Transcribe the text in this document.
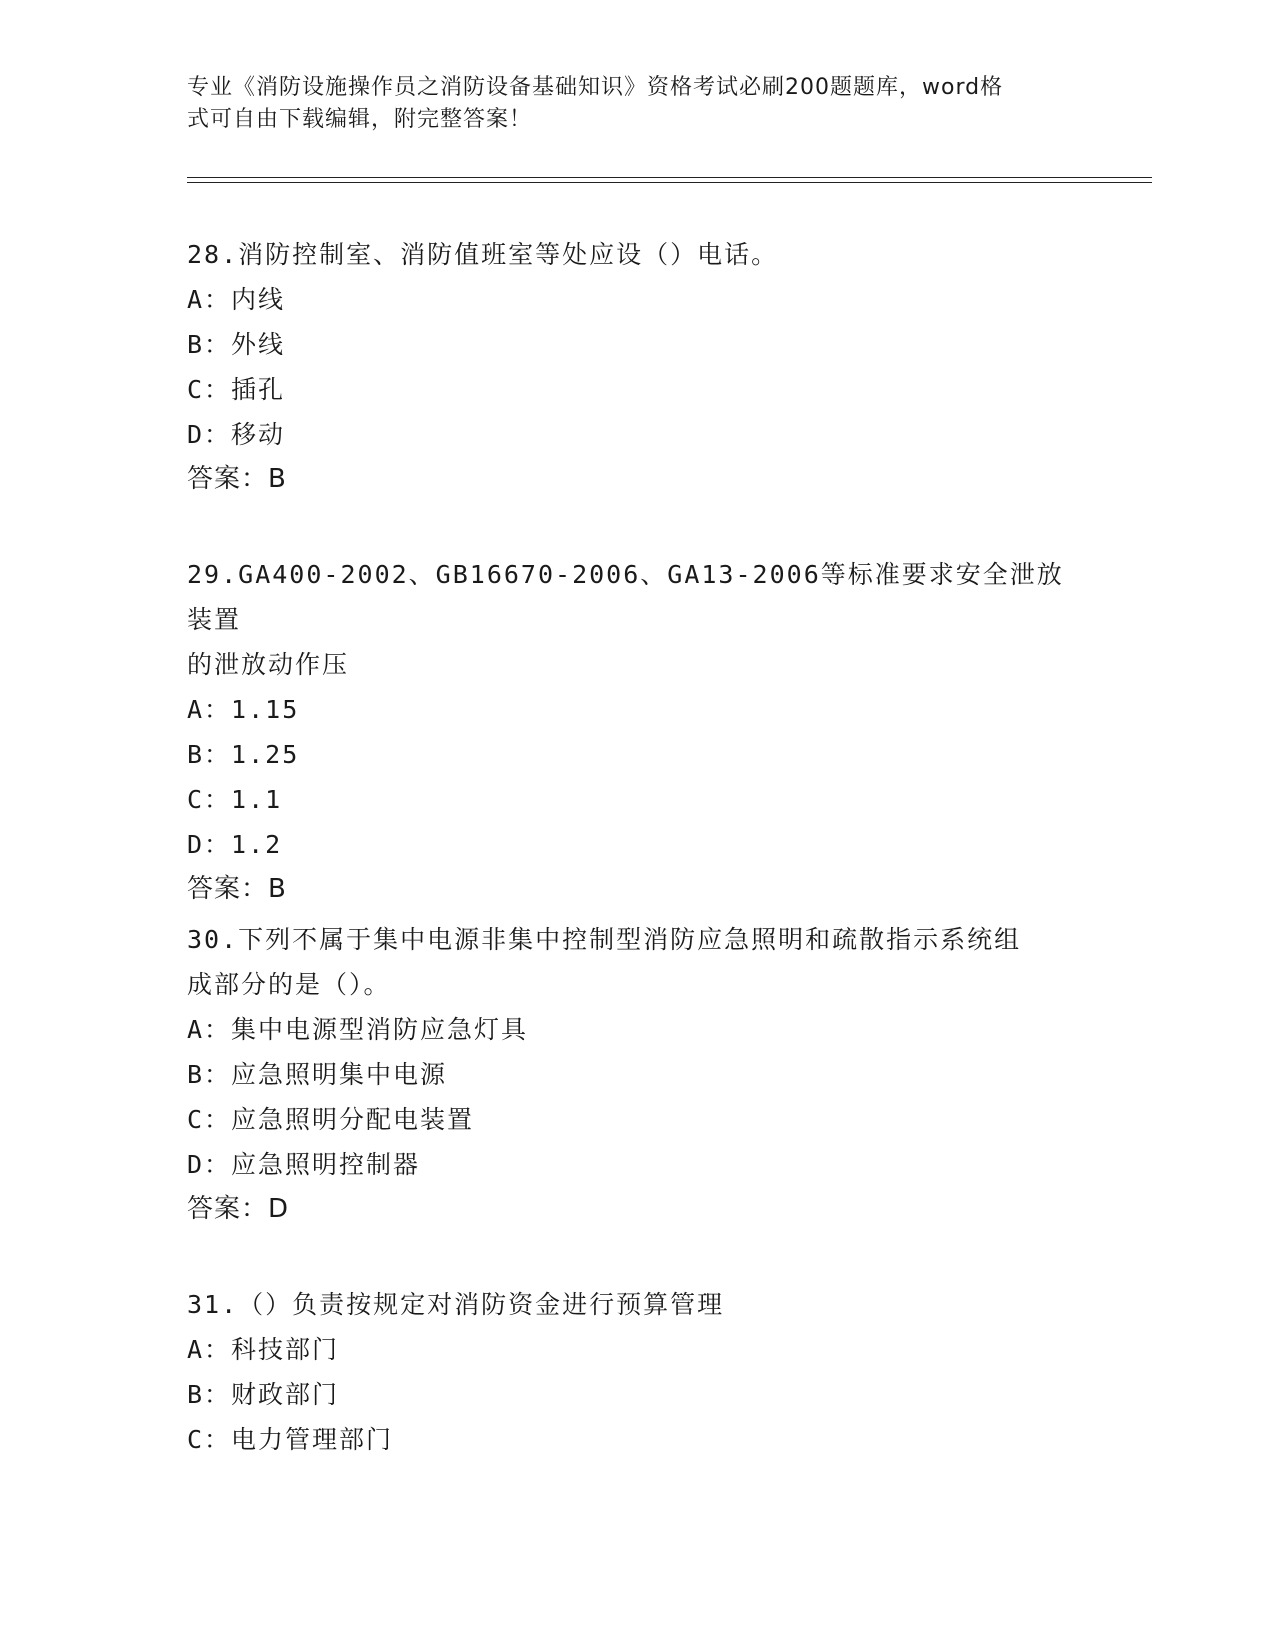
专业《消防设施操作员之消防设备基础知识》资格考试必刷200题题库，word格
式可自由下载编辑，附完整答案！

28.消防控制室、消防值班室等处应设（）电话。

A：内线

B：外线

C：插孔

D：移动

答案：B

29.GA400-2002、GB16670-2006、GA13-2006等标准要求安全泄放装置

的泄放动作压

A：1.15

B：1.25

C：1.1

D：1.2

答案：B

30.下列不属于集中电源非集中控制型消防应急照明和疏散指示系统组

成部分的是（）。

A：集中电源型消防应急灯具

B：应急照明集中电源

C：应急照明分配电装置

D：应急照明控制器

答案：D

31.（）负责按规定对消防资金进行预算管理

A：科技部门

B：财政部门

C：电力管理部门
